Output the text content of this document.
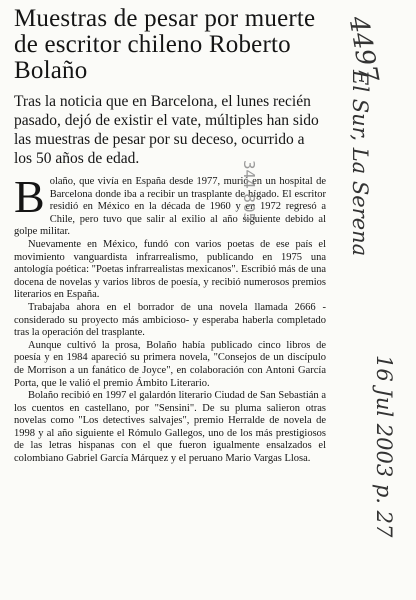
Muestras de pesar por muerte de escritor chileno Roberto Bolaño

Tras la noticia que en Barcelona, el lunes recién pasado, dejó de existir el vate, múltiples han sido las muestras de pesar por su deceso, ocurrido a los 50 años de edad.

Bolaño, que vivía en España desde 1977, murió en un hospital de Barcelona donde iba a recibir un trasplante de hígado. El escritor residió en México en la década de 1960 y en 1972 regresó a Chile, pero tuvo que salir al exilio al año siguiente debido al golpe militar.

Nuevamente en México, fundó con varios poetas de ese país el movimiento vanguardista infrarrealismo, publicando en 1975 una antología poética: "Poetas infrarrealistas mexicanos". Escribió más de una docena de novelas y varios libros de poesía, y recibió numerosos premios literarios en España.

Trabajaba ahora en el borrador de una novela llamada 2666 -considerado su proyecto más ambicioso- y esperaba haberla completado tras la operación del trasplante.

Aunque cultivó la prosa, Bolaño había publicado cinco libros de poesía y en 1984 apareció su primera novela, "Consejos de un discípulo de Morrison a un fanático de Joyce", en colaboración con Antoni García Porta, que le valió el premio Ámbito Literario.

Bolaño recibió en 1997 el galardón literario Ciudad de San Sebastián a los cuentos en castellano, por "Sensini". De su pluma salieron otras novelas como "Los detectives salvajes", premio Herralde de novela de 1998 y al año siguiente el Rómulo Gallegos, uno de los más prestigiosos de las letras hispanas con el que fueron igualmente ensalzados el colombiano Gabriel García Márquez y el peruano Mario Vargas Llosa.

4497
El Sur, La Serena
16 Jul 2003 p. 27
344 805
